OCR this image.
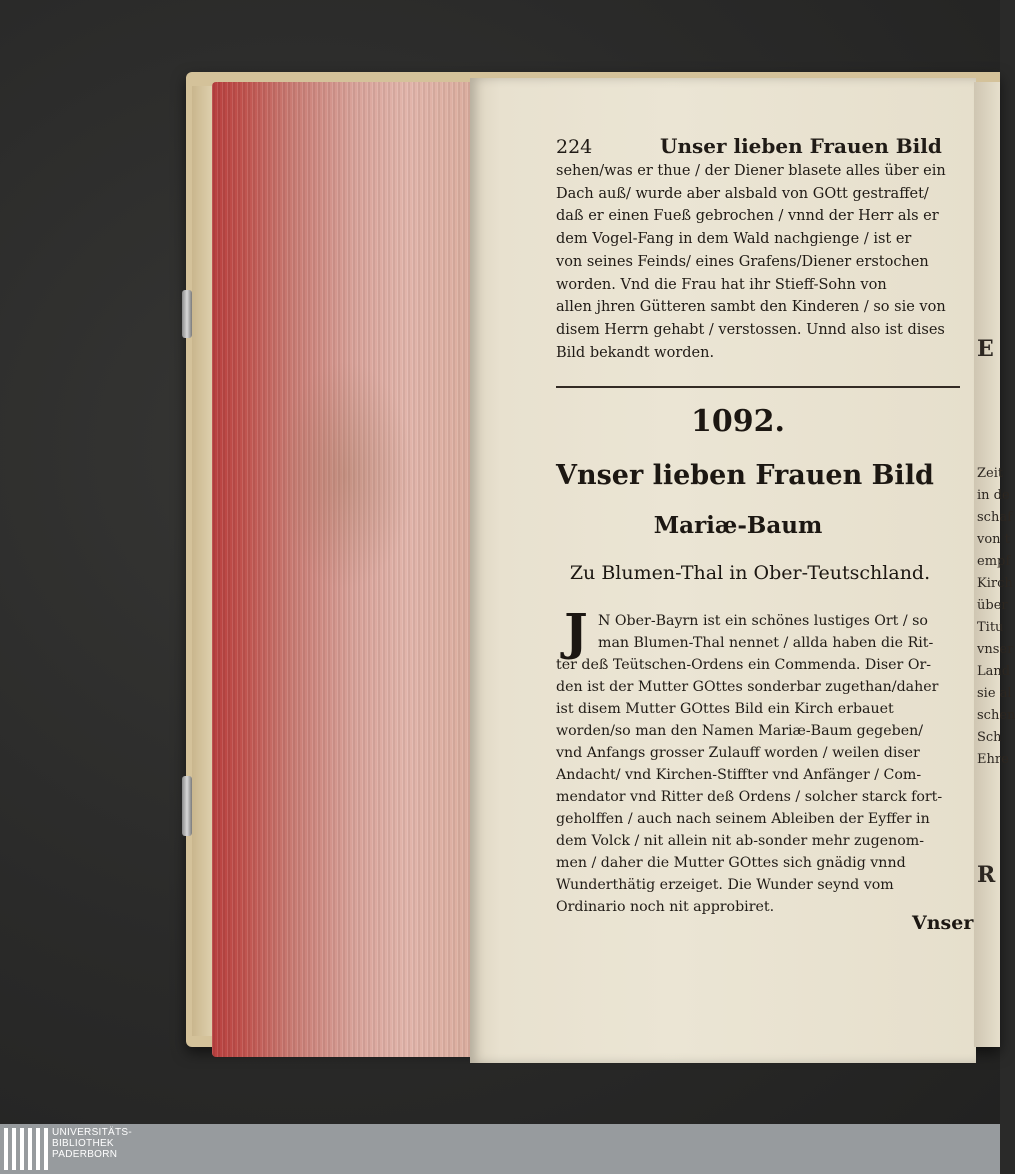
E
Zeit
in de
schaf
von t
empf
Kirch
über
Titu
vnser
Land
sie al
schen
Sch
Ehre
R
224	Unser lieben Frauen Bild
sehen/was er thue / der Diener blasete alles über ein
Dach auß/ wurde aber alsbald von GOtt gestraffet/
daß er einen Fueß gebrochen / vnnd der Herr als er
dem Vogel-Fang in dem Wald nachgienge / ist er
von seines Feinds/ eines Grafens/Diener erstochen
worden. Vnd die Frau hat ihr Stieff-Sohn von
allen jhren Gütteren sambt den Kinderen / so sie von
disem Herrn gehabt / verstossen. Unnd also ist dises
Bild bekandt worden.
1092.
Vnser lieben Frauen Bild
Mariæ-Baum
Zu Blumen-Thal in Ober-Teutschland.
J N Ober-Bayrn ist ein schönes lustiges Ort / so
man Blumen-Thal nennet / allda haben die Rit-
ter deß Teütschen-Ordens ein Commenda. Diser Or-
den ist der Mutter GOttes sonderbar zugethan/daher
ist disem Mutter GOttes Bild ein Kirch erbauet
worden/so man den Namen Mariæ-Baum gegeben/
vnd Anfangs grosser Zulauff worden / weilen diser
Andacht/ vnd Kirchen-Stiffter vnd Anfänger / Com-
mendator vnd Ritter deß Ordens / solcher starck fort-
geholffen / auch nach seinem Ableiben der Eyffer in
dem Volck / nit allein nit ab-sonder mehr zugenom-
men / daher die Mutter GOttes sich gnädig vnnd
Wunderthätig erzeiget. Die Wunder seynd vom
Ordinario noch nit approbiret.
Vnser
UNIVERSITÄTS-
BIBLIOTHEK
PADERBORN
